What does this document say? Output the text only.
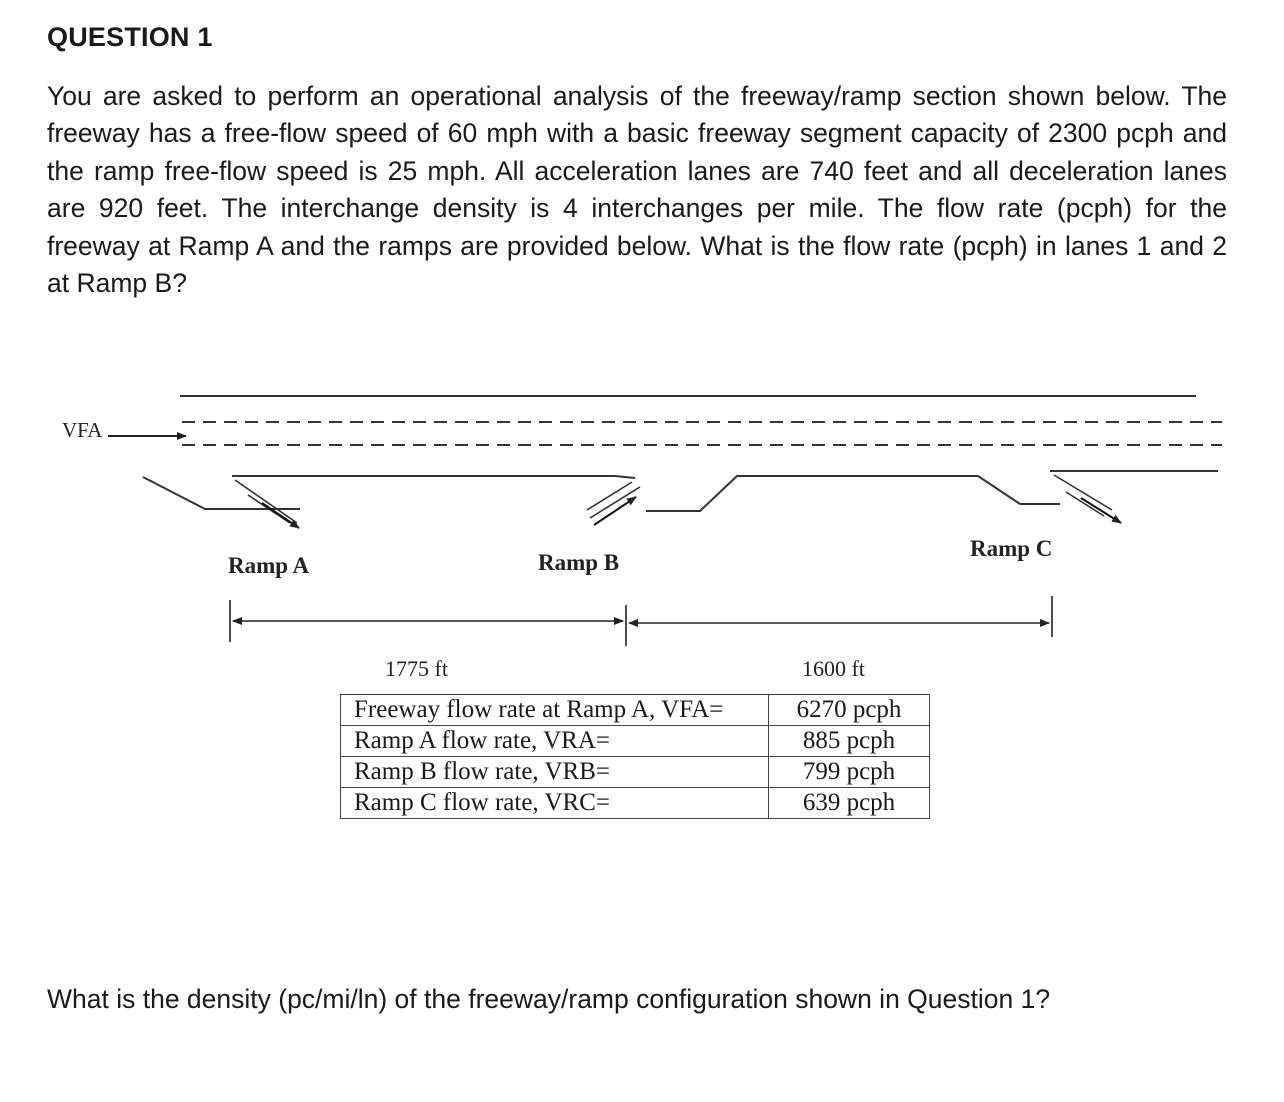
QUESTION 1
You are asked to perform an operational analysis of the freeway/ramp section shown below. The freeway has a free-flow speed of 60 mph with a basic freeway segment capacity of 2300 pcph and the ramp free-flow speed is 25 mph. All acceleration lanes are 740 feet and all deceleration lanes are 920 feet. The interchange density is 4 interchanges per mile. The flow rate (pcph) for the freeway at Ramp A and the ramps are provided below. What is the flow rate (pcph) in lanes 1 and 2 at Ramp B?
VFA
Ramp A	Ramp B
Ramp C
1775 ft	1600 ft
Freeway flow rate at Ramp A, VFA=	6270 pcph
Ramp A flow rate, VRA=	885 pcph
Ramp B flow rate, VRB=	799 pcph
Ramp C flow rate, VRC=	639 pcph
What is the density (pc/mi/ln) of the freeway/ramp configuration shown in Question 1?
